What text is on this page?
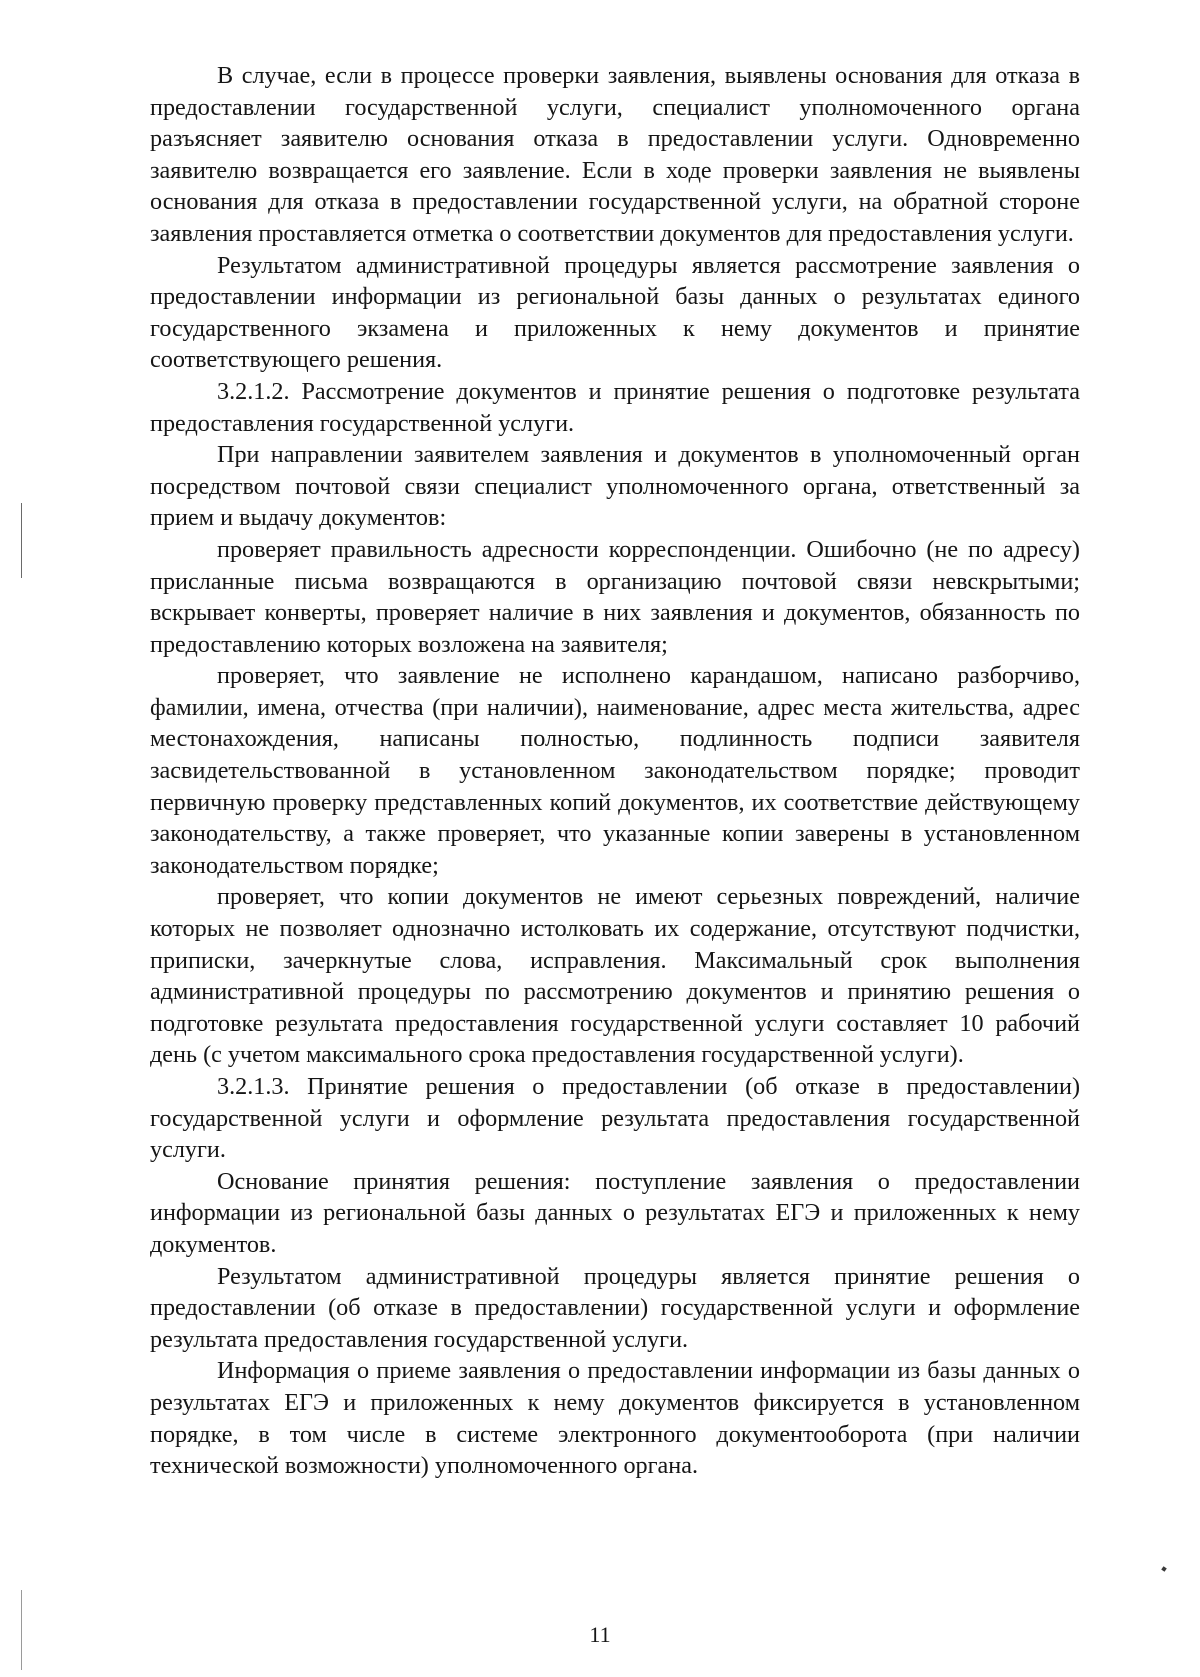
В случае, если в процессе проверки заявления, выявлены основания для отказа в предоставлении государственной услуги, специалист уполномоченного органа разъясняет заявителю основания отказа в предоставлении услуги. Одновременно заявителю возвращается его заявление. Если в ходе проверки заявления не выявлены основания для отказа в предоставлении государственной услуги, на обратной стороне заявления проставляется отметка о соответствии документов для предоставления услуги.

Результатом административной процедуры является рассмотрение заявления о предоставлении информации из региональной базы данных о результатах единого государственного экзамена и приложенных к нему документов и принятие соответствующего решения.

3.2.1.2. Рассмотрение документов и принятие решения о подготовке результата предоставления государственной услуги.

При направлении заявителем заявления и документов в уполномоченный орган посредством почтовой связи специалист уполномоченного органа, ответственный за прием и выдачу документов:

проверяет правильность адресности корреспонденции. Ошибочно (не по адресу) присланные письма возвращаются в организацию почтовой связи невскрытыми; вскрывает конверты, проверяет наличие в них заявления и документов, обязанность по предоставлению которых возложена на заявителя;

проверяет, что заявление не исполнено карандашом, написано разборчиво, фамилии, имена, отчества (при наличии), наименование, адрес места жительства, адрес местонахождения, написаны полностью, подлинность подписи заявителя засвидетельствованной в установленном законодательством порядке; проводит первичную проверку представленных копий документов, их соответствие действующему законодательству, а также проверяет, что указанные копии заверены в установленном законодательством порядке;

проверяет, что копии документов не имеют серьезных повреждений, наличие которых не позволяет однозначно истолковать их содержание, отсутствуют подчистки, приписки, зачеркнутые слова, исправления. Максимальный срок выполнения административной процедуры по рассмотрению документов и принятию решения о подготовке результата предоставления государственной услуги составляет 10 рабочий день (с учетом максимального срока предоставления государственной услуги).

3.2.1.3. Принятие решения о предоставлении (об отказе в предоставлении) государственной услуги и оформление результата предоставления государственной услуги.

Основание принятия решения: поступление заявления о предоставлении информации из региональной базы данных о результатах ЕГЭ и приложенных к нему документов.

Результатом административной процедуры является принятие решения о предоставлении (об отказе в предоставлении) государственной услуги и оформление результата предоставления государственной услуги.

Информация о приеме заявления о предоставлении информации из базы данных о результатах ЕГЭ и приложенных к нему документов фиксируется в установленном порядке, в том числе в системе электронного документооборота (при наличии технической возможности) уполномоченного органа.

11
